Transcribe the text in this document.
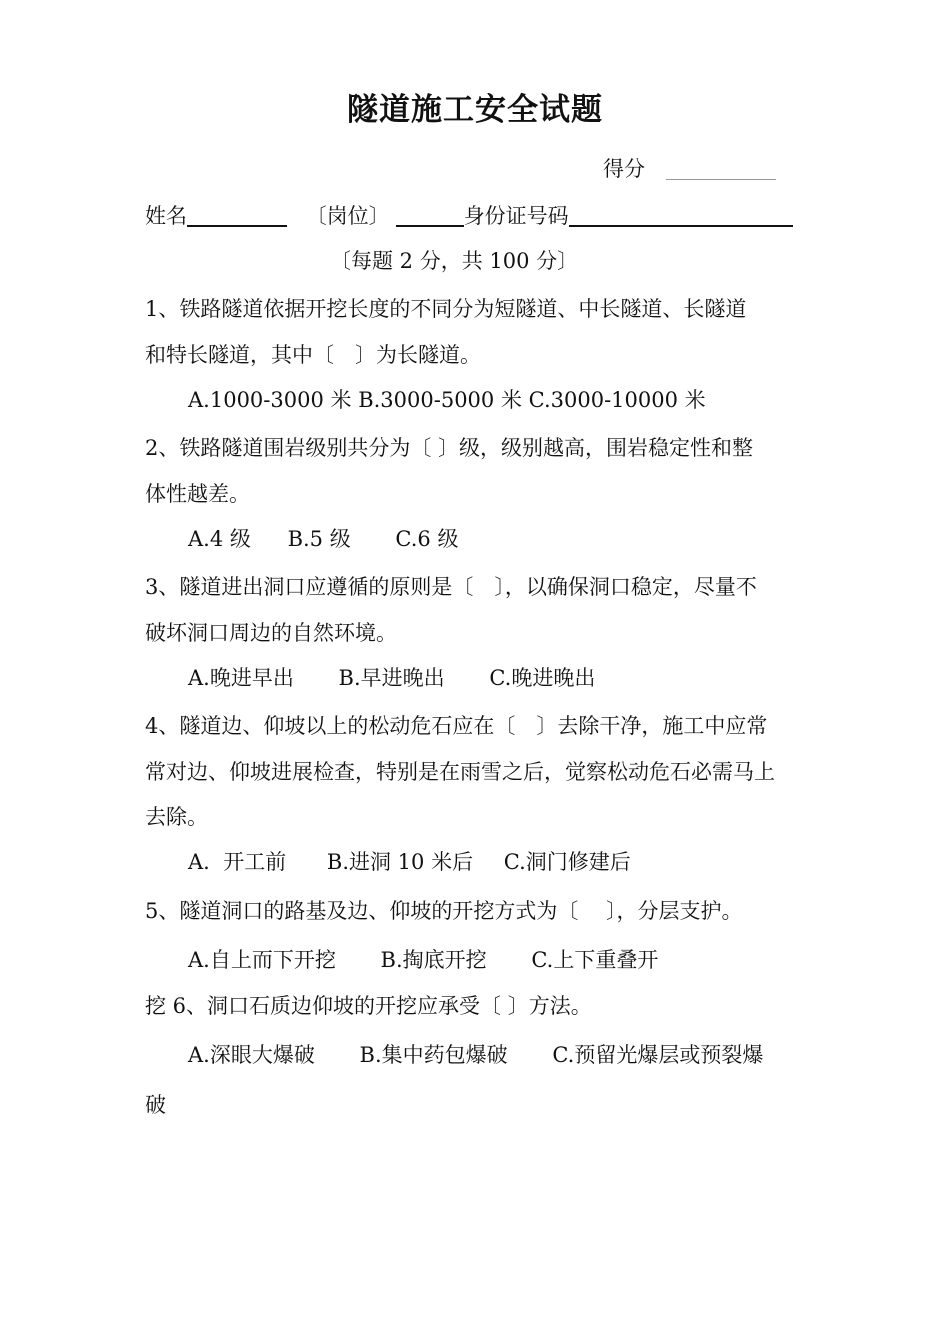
隧道施工安全试题
得分
姓名	〔岗位〕	身份证号码
〔每题 2 分，共 100 分〕
1、铁路隧道依据开挖长度的不同分为短隧道、中长隧道、长隧道
和特长隧道，其中〔　〕为长隧道。
A.1000-3000 米 B.3000-5000 米 C.3000-10000 米
2、铁路隧道围岩级别共分为〔 〕级，级别越高，围岩稳定性和整
体性越差。
A.4 级 B.5 级 C.6 级
3、隧道进出洞口应遵循的原则是〔　〕，以确保洞口稳定，尽量不
破坏洞口周边的自然环境。
A.晚进早出 B.早进晚出 C.晚进晚出
4、隧道边、仰坡以上的松动危石应在〔　〕去除干净，施工中应常
常对边、仰坡进展检查，特别是在雨雪之后，觉察松动危石必需马上
去除。
A.  开工前 B.进洞 10 米后 C.洞门修建后
5、隧道洞口的路基及边、仰坡的开挖方式为〔　 〕，分层支护。
A.自上而下开挖 B.掏底开挖 C.上下重叠开
挖 6、洞口石质边仰坡的开挖应承受〔 〕方法。
A.深眼大爆破 B.集中药包爆破 C.预留光爆层或预裂爆
破
